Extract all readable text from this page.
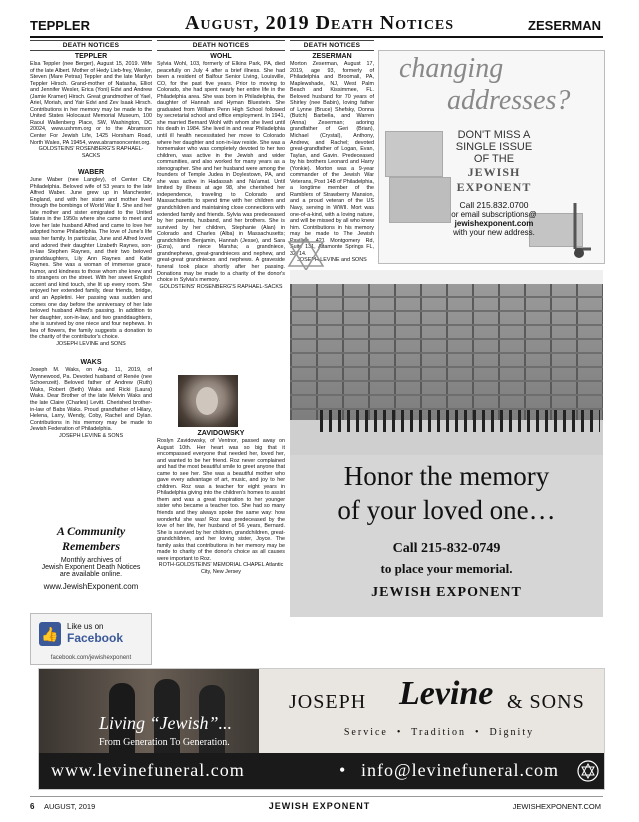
TEPPLER	August, 2019 Death Notices	ZESERMAN
DEATH NOTICES
TEPPLER

Elsa Teppler (nee Berger), August 15, 2019. Wife of the late Albert. Mother of Hedy Lieb-frey, Wesler, Steven (Mare Petras) Teppler and the late Marilyn Teppler Hirsch. Grand-mother of Natasha, Elliot and Jennifer Wesler, Erica (Yoni) Edvi and Andrew (Jamie Kramer) Hirsch. Great grandmother of Yael, Ariel, Moriah, and Yair Edvi and Zev Isaak Hirsch. Contributions in her memory may be made to the United States Holocaust Memorial Museum, 100 Raoul Wallenberg Place, SW, Washington, DC 20024, www.ushmm.org or to the Abramson Center For Jewish Life, 1425 Horsham Road, North Wales, PA 19454, www.abramsoncenter.org.

GOLDSTEINS' ROSENBERG'S RAPHAEL-SACKS
WABER

June Waber (nee Langley), of Center City Philadelphia. Beloved wife of 53 years to the late Alfred Waber. June grew up in Manchester, England, and with her sister and mother lived through the bombings of World War II. She and her late mother and sister emigrated to the United States in the 1950s where she came to meet and love her late husband Alfred and came to love her adopted home Philadelphia. The love of June's life was her family. In particular, June and Alfred loved and adored their daughter Lizabeth Raynes, son-in-law Stephen Raynes, and their two beloved granddaughters, Lily Ann Raynes and Katie Raynes. She was a woman of immense grace, humor, and kindness to those whom she knew and to strangers on the street. With her sweet English accent and kind touch, she lit up every room. She enjoyed her extended family, dear friends, bridge, and an Appletini. Her passing was sudden and comes one day before the anniversary of her late beloved husband Alfred's passing. In addition to her daughter, son-in-law, and two granddaughters, she is survived by one niece and four nephews. In lieu of flowers, the family suggests a donation to the charity of the contributor's choice.

JOSEPH LEVINE and SONS
WAKS

Joseph M. Waks, on Aug. 11, 2019, of Wynnewood, Pa. Devoted husband of Renée (nee Schoenzeit). Beloved father of Andrew (Ruth) Waks, Robert (Beth) Waks and Ricki (Laura) Waks. Dear Brother of the late Melvin Waks and the late Claire (Charles) Levitt. Cherished brother-in-law of Babs Waks. Proud grandfather of Hilary, Helena, Larry, Wendy, Coby, Rachel and Dylan. Contributions in his memory may be made to Jewish Federation of Philadelphia.

JOSEPH LEVINE & SONS
A Community
Remembers
Monthly archives of
Jewish Exponent Death Notices
are available online.
www.JewishExponent.com
👍 Like us on
Facebook
facebook.com/jewishexponent
DEATH NOTICES
WOHL

Sylvia Wohl, 103, formerly of Elkins Park, PA, died peacefully on July 4 after a brief illness. She had been a resident of Balfour Senior Living, Louisville, CO, for the past five years. Prior to moving to Colorado, she had spent nearly her entire life in the Philadelphia area. She was born in Philadelphia, the daughter of Hannah and Hyman Bluestein. She graduated from William Penn High School followed by secretarial school and office employment. In 1941, she married Bernard Wohl with whom she lived until his death in 1984. She lived in and near Philadelphia until ill health necessitated her move to Colorado where her daughter and son-in-law reside. She was a homemaker who was completely devoted to her two children, was active in the Jewish and wider communities, and also worked for many years as a stenographer. She and her husband were among the founders of Temple Judea in Doylestown, PA, and she was active in Hadassah and Na'amat. Until limited by illness at age 98, she cherished her independence, traveling to Colorado and Massachusetts to spend time with her children and grandchildren and maintaining close connections with extended family and friends. Sylvia was predeceased by her parents, husband, and her brothers. She is survived by her children, Stephanie (Alan) in Colorado and Charles (Alba) in Massachusetts; grandchildren Benjamin, Hannah (Jesse), and Sara (Ezra), and niece Marsha; a grandniece, grandnephews, great-grandnieces and nephew, and great-great grandnieces and nephews. A graveside funeral took place shortly after her passing. Donations may be made to a charity of the donor's choice in Sylvia's memory.

GOLDSTEINS' ROSENBERG'S RAPHAEL-SACKS
ZAVIDOWSKY

Roslyn Zavidowsky, of Ventnor, passed away on August 10th. Her heart was so big that it encompassed everyone that needed her, loved her, and wanted to be her friend. Roz never complained and had the most beautiful smile to greet anyone that came to see her. She was a beautiful mother who gave every advantage of art, music, and joy to her children. Roz was a teacher for eight years in Philadelphia giving into the children's homes to assist them and was a great inspiration to her younger sister who became a teacher too. She had so many friends and they always spoke the same way: how wonderful she was! Roz was predeceased by the love of her life, her husband of 56 years, Bernard. She is survived by her children, grandchildren, great-grandchildren, and her loving sister, Joyce. The family asks that contributions in her memory may be made to charity of the donor's choice as all causes were important to Roz.

ROTH-GOLDSTEINS' MEMORIAL CHAPEL Atlantic City, New Jersey
DEATH NOTICES
ZESERMAN

Morton Zeserman, August 17, 2019, age 93, formerly of Philadelphia and Broomall, PA, Maplewshade, NJ, West Palm Beach and Kissimmee, FL. Beloved husband for 70 years of Shirley (nee Babin), loving father of Lynne (Bruce) Shefsky, Donna (Butch) Barbella, and Warren (Anna) Zeserman; adoring grandfather of Geri (Brian), Michael (Crystal), Anthony, Andrew, and Rachel; devoted great-grandfather of Logan, Evan, Taylan, and Gavin. Predeceased by his brothers Leonard and Harry (Yonkie). Morton was a 9-year commander of the Jewish War Veterans, Post 148 of Philadelphia, a longtime member of the Ramblers of Strawberry Mansion, and a proud veteran of the US Navy, serving in WWII. Mort was one-of-a-kind, with a loving nature, and will be missed by all who knew him. Contributions in his memory may be made to The Jewish Pavilion, 421 Montgomery Rd, Suite 131, Altamonte Springs FL, 32714.

JOSEPH LEVINE and SONS
changing
addresses?
DON'T MISS A
SINGLE ISSUE
OF THE
JEWISH
EXPONENT
Call 215.832.0700
or email subscriptions@
jewishexponent.com
with your new address.
Honor the memory
of your loved one…
Call 215-832-0749
to place your memorial.
JEWISH EXPONENT
Living “Jewish”...
From Generation To Generation.
JOSEPH Levine & SONS
Service  •  Tradition  •  Dignity
www.levinefuneral.com	• info@levinefuneral.com
6 AUGUST, 2019	JEWISH EXPONENT	JEWISHEXPONENT.COM
